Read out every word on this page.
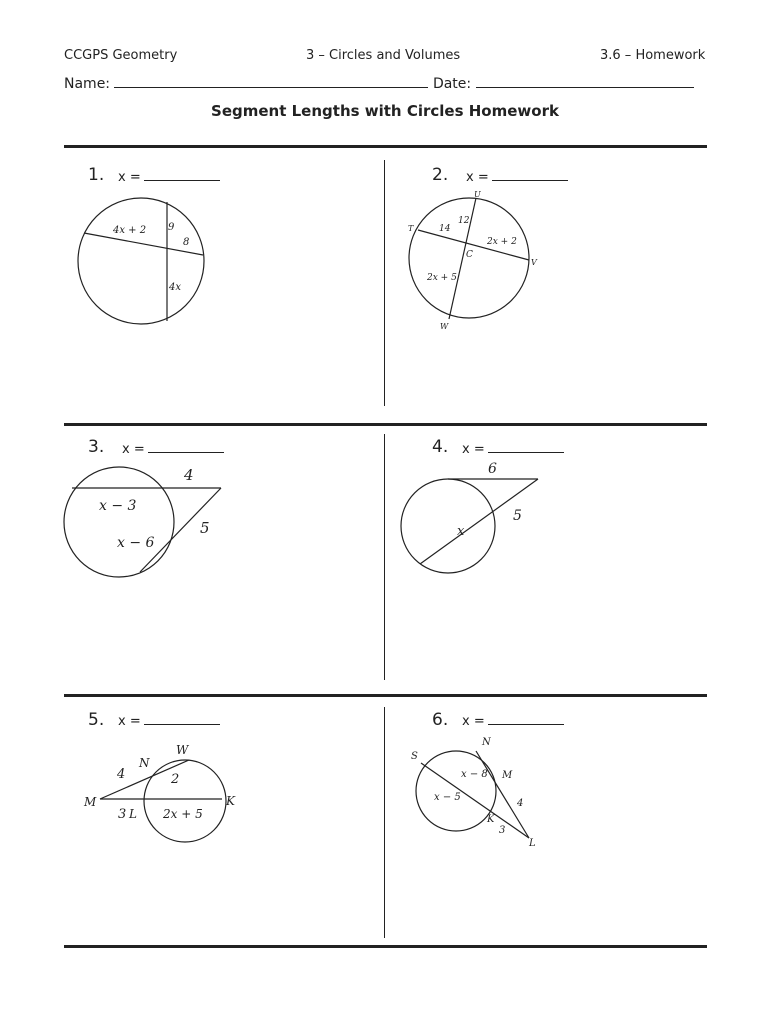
CCGPS Geometry	3 – Circles and Volumes	3.6 – Homework
Name:	Date:
Segment Lengths with Circles Homework
1. x =
4x + 2 9
8
4x
2. x =
U
T
V
W
C
14
12
2x + 2
2x + 5
3. x =
4
x − 3
x − 6
5
4. x =
6
5
x
5. x =
W
N
M	K
L
4	2
3	2x + 5
6. x =
N
S
M
K
L
x − 8
x − 5
4
3
